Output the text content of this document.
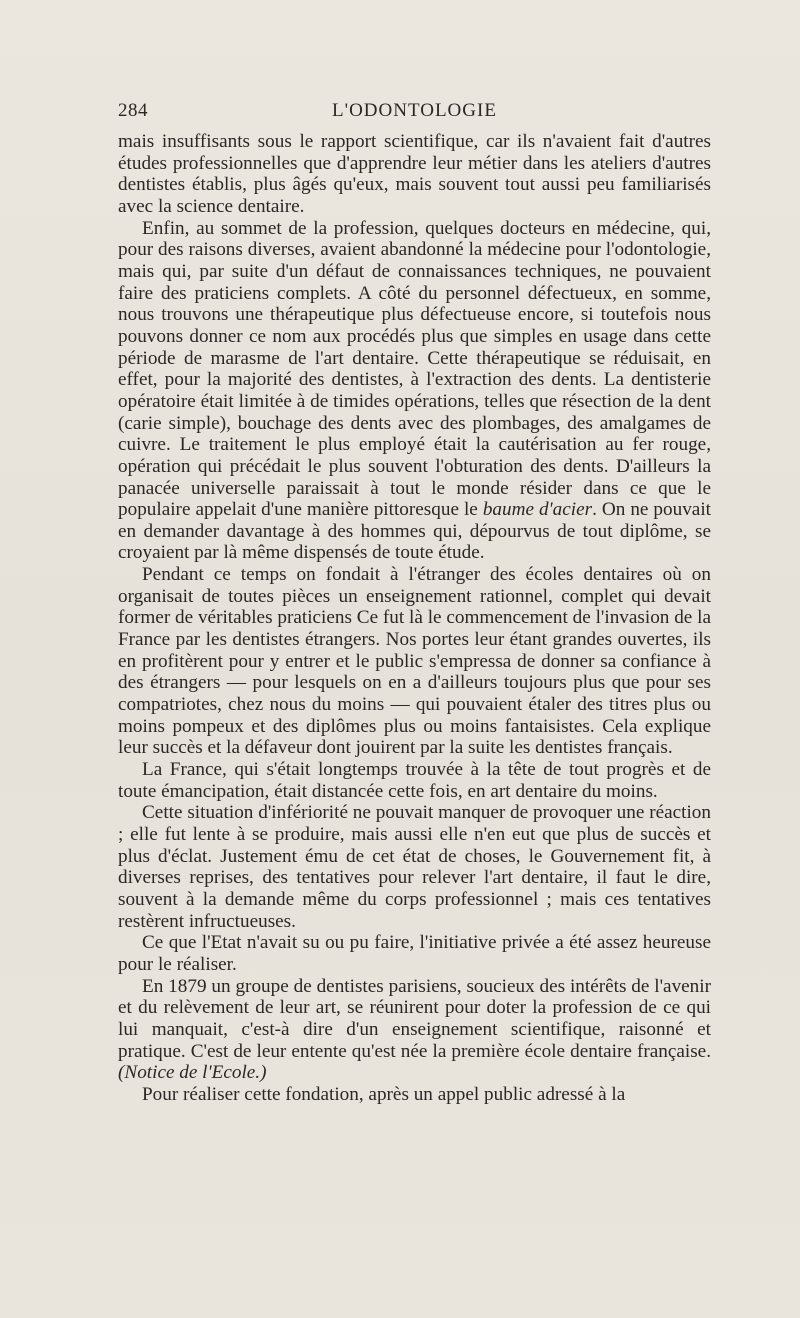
284	L'ODONTOLOGIE

mais insuffisants sous le rapport scientifique, car ils n'avaient fait d'autres études professionnelles que d'apprendre leur métier dans les ateliers d'autres dentistes établis, plus âgés qu'eux, mais souvent tout aussi peu familiarisés avec la science dentaire.

Enfin, au sommet de la profession, quelques docteurs en médecine, qui, pour des raisons diverses, avaient abandonné la médecine pour l'odontologie, mais qui, par suite d'un défaut de connaissances techniques, ne pouvaient faire des praticiens complets. A côté du personnel défectueux, en somme, nous trouvons une thérapeutique plus défectueuse encore, si toutefois nous pouvons donner ce nom aux procédés plus que simples en usage dans cette période de marasme de l'art dentaire. Cette thérapeutique se réduisait, en effet, pour la majorité des dentistes, à l'extraction des dents. La dentisterie opératoire était limitée à de timides opérations, telles que résection de la dent (carie simple), bouchage des dents avec des plombages, des amalgames de cuivre. Le traitement le plus employé était la cautérisation au fer rouge, opération qui précédait le plus souvent l'obturation des dents. D'ailleurs la panacée universelle paraissait à tout le monde résider dans ce que le populaire appelait d'une manière pittoresque le baume d'acier. On ne pouvait en demander davantage à des hommes qui, dépourvus de tout diplôme, se croyaient par là même dispensés de toute étude.

Pendant ce temps on fondait à l'étranger des écoles dentaires où on organisait de toutes pièces un enseignement rationnel, complet qui devait former de véritables praticiens Ce fut là le commencement de l'invasion de la France par les dentistes étrangers. Nos portes leur étant grandes ouvertes, ils en profitèrent pour y entrer et le public s'empressa de donner sa confiance à des étrangers — pour lesquels on en a d'ailleurs toujours plus que pour ses compatriotes, chez nous du moins — qui pouvaient étaler des titres plus ou moins pompeux et des diplômes plus ou moins fantaisistes. Cela explique leur succès et la défaveur dont jouirent par la suite les dentistes français.

La France, qui s'était longtemps trouvée à la tête de tout progrès et de toute émancipation, était distancée cette fois, en art dentaire du moins.

Cette situation d'infériorité ne pouvait manquer de provoquer une réaction ; elle fut lente à se produire, mais aussi elle n'en eut que plus de succès et plus d'éclat. Justement ému de cet état de choses, le Gouvernement fit, à diverses reprises, des tentatives pour relever l'art dentaire, il faut le dire, souvent à la demande même du corps professionnel ; mais ces tentatives restèrent infructueuses.

Ce que l'Etat n'avait su ou pu faire, l'initiative privée a été assez heureuse pour le réaliser.

En 1879 un groupe de dentistes parisiens, soucieux des intérêts de l'avenir et du relèvement de leur art, se réunirent pour doter la profession de ce qui lui manquait, c'est-à dire d'un enseignement scientifique, raisonné et pratique. C'est de leur entente qu'est née la première école dentaire française. (Notice de l'Ecole.)

Pour réaliser cette fondation, après un appel public adressé à la
